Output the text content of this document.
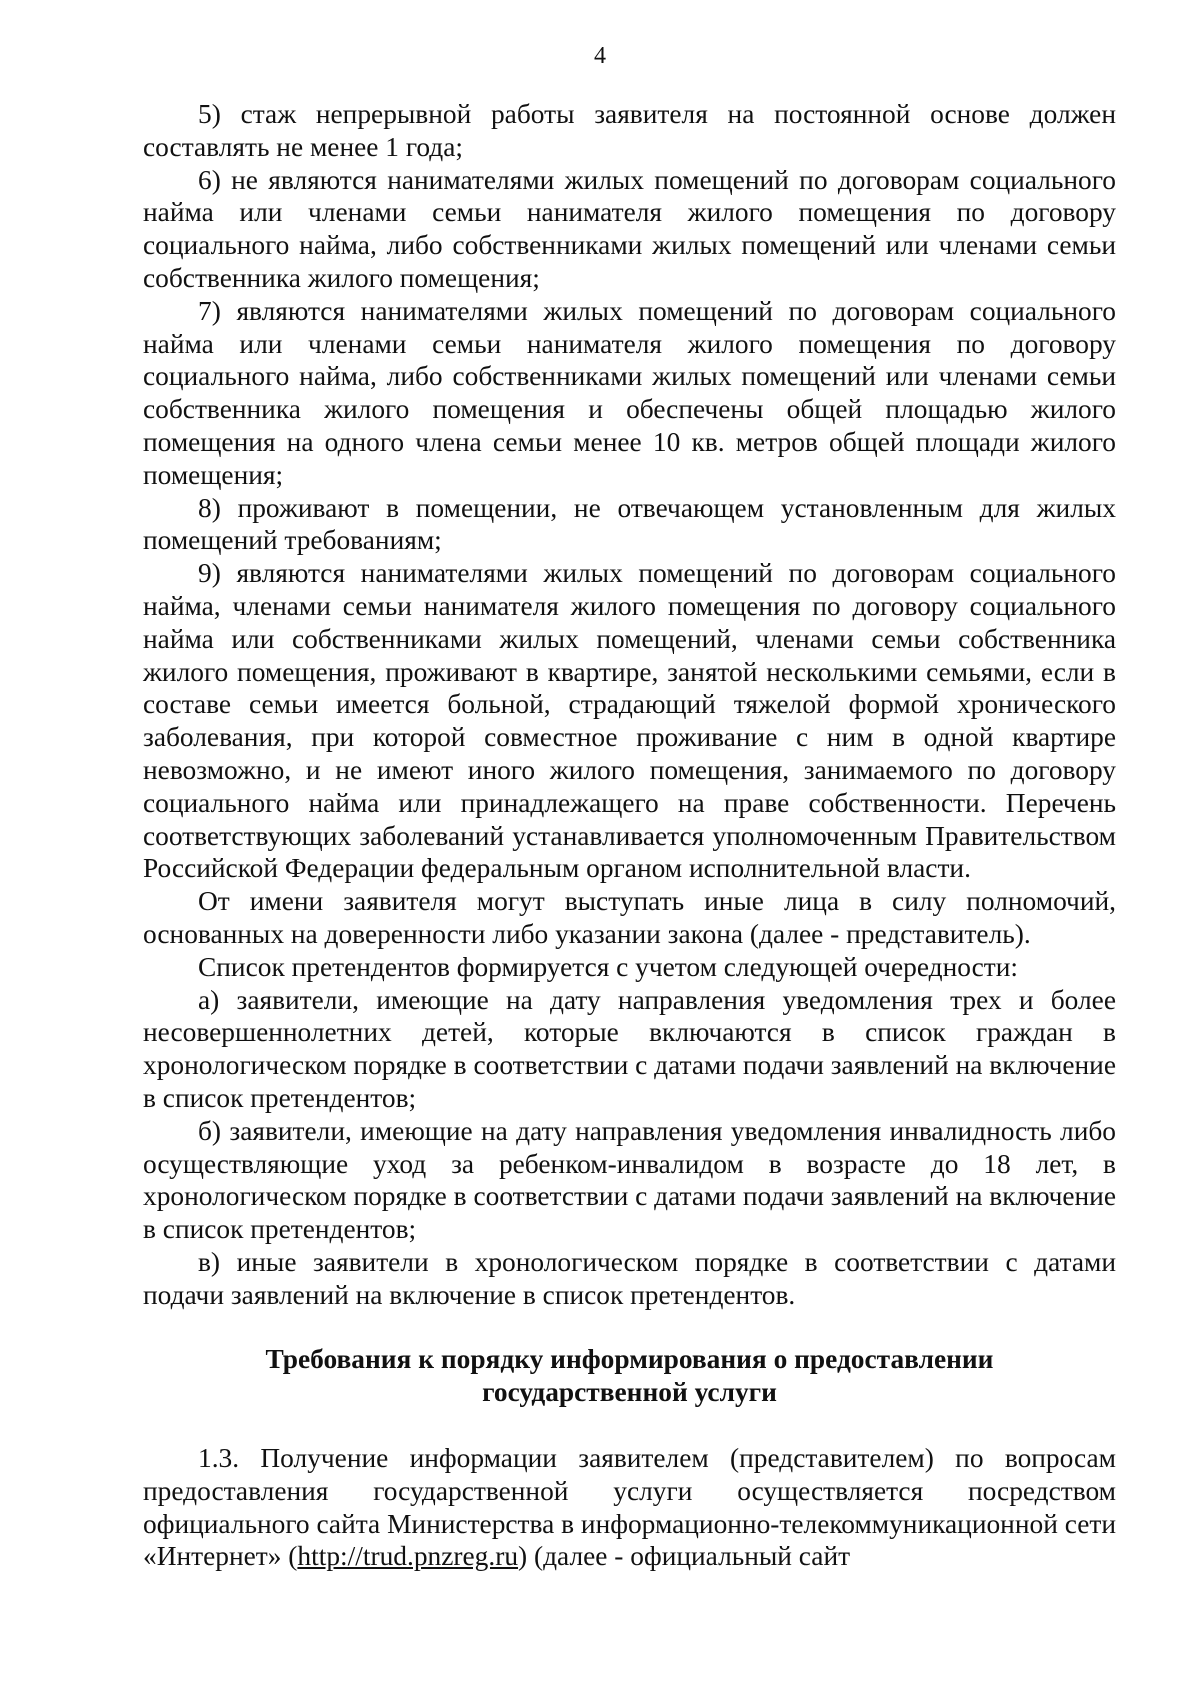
4

5) стаж непрерывной работы заявителя на постоянной основе должен составлять не менее 1 года;

6) не являются нанимателями жилых помещений по договорам социального найма или членами семьи нанимателя жилого помещения по договору социального найма, либо собственниками жилых помещений или членами семьи собственника жилого помещения;

7) являются нанимателями жилых помещений по договорам социального найма или членами семьи нанимателя жилого помещения по договору социального найма, либо собственниками жилых помещений или членами семьи собственника жилого помещения и обеспечены общей площадью жилого помещения на одного члена семьи менее 10 кв. метров общей площади жилого помещения;

8) проживают в помещении, не отвечающем установленным для жилых помещений требованиям;

9) являются нанимателями жилых помещений по договорам социального найма, членами семьи нанимателя жилого помещения по договору социального найма или собственниками жилых помещений, членами семьи собственника жилого помещения, проживают в квартире, занятой несколькими семьями, если в составе семьи имеется больной, страдающий тяжелой формой хронического заболевания, при которой совместное проживание с ним в одной квартире невозможно, и не имеют иного жилого помещения, занимаемого по договору социального найма или принадлежащего на праве собственности. Перечень соответствующих заболеваний устанавливается уполномоченным Правительством Российской Федерации федеральным органом исполнительной власти.

От имени заявителя могут выступать иные лица в силу полномочий, основанных на доверенности либо указании закона (далее - представитель).

Список претендентов формируется с учетом следующей очередности:

а) заявители, имеющие на дату направления уведомления трех и более несовершеннолетних детей, которые включаются в список граждан в хронологическом порядке в соответствии с датами подачи заявлений на включение в список претендентов;

б) заявители, имеющие на дату направления уведомления инвалидность либо осуществляющие уход за ребенком-инвалидом в возрасте до 18 лет, в хронологическом порядке в соответствии с датами подачи заявлений на включение в список претендентов;

в) иные заявители в хронологическом порядке в соответствии с датами подачи заявлений на включение в список претендентов.

Требования к порядку информирования о предоставлении

государственной услуги

1.3. Получение информации заявителем (представителем) по вопросам предоставления государственной услуги осуществляется посредством официального сайта Министерства в информационно-телекоммуникационной сети «Интернет» (http://trud.pnzreg.ru) (далее - официальный сайт
